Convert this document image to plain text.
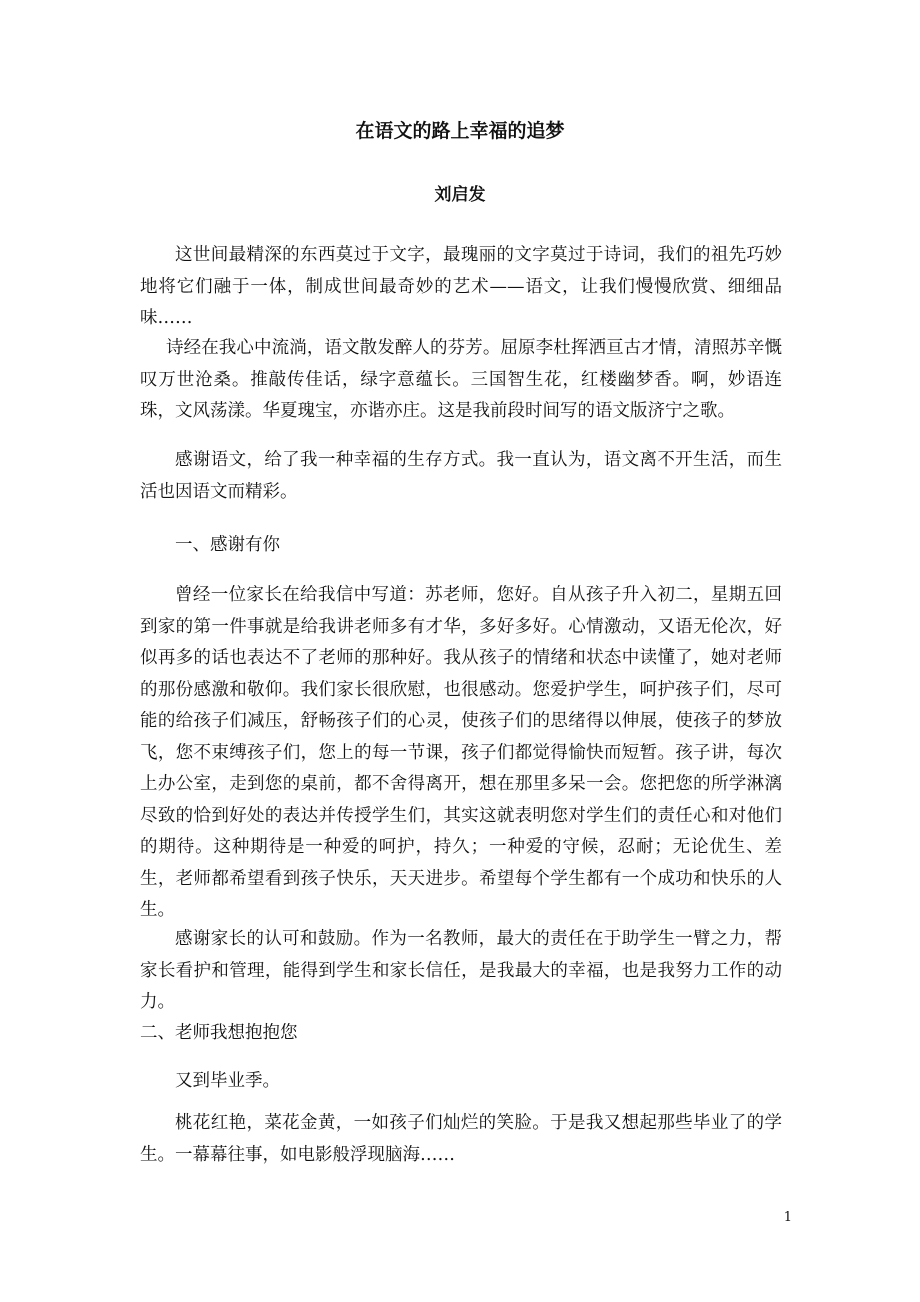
在语文的路上幸福的追梦
刘启发

这世间最精深的东西莫过于文字，最瑰丽的文字莫过于诗词，我们的祖先巧妙地将它们融于一体，制成世间最奇妙的艺术——语文，让我们慢慢欣赏、细细品味……

诗经在我心中流淌，语文散发醉人的芬芳。屈原李杜挥洒亘古才情，清照苏辛慨叹万世沧桑。推敲传佳话，绿字意蕴长。三国智生花，红楼幽梦香。啊，妙语连珠，文风荡漾。华夏瑰宝，亦谐亦庄。这是我前段时间写的语文版济宁之歌。

感谢语文，给了我一种幸福的生存方式。我一直认为，语文离不开生活，而生活也因语文而精彩。

一、感谢有你

曾经一位家长在给我信中写道：苏老师，您好。自从孩子升入初二，星期五回到家的第一件事就是给我讲老师多有才华，多好多好。心情激动，又语无伦次，好似再多的话也表达不了老师的那种好。我从孩子的情绪和状态中读懂了，她对老师的那份感激和敬仰。我们家长很欣慰，也很感动。您爱护学生，呵护孩子们，尽可能的给孩子们减压，舒畅孩子们的心灵，使孩子们的思绪得以伸展，使孩子的梦放飞，您不束缚孩子们，您上的每一节课，孩子们都觉得愉快而短暂。孩子讲，每次上办公室，走到您的桌前，都不舍得离开，想在那里多呆一会。您把您的所学淋漓尽致的恰到好处的表达并传授学生们，其实这就表明您对学生们的责任心和对他们的期待。这种期待是一种爱的呵护，持久；一种爱的守候，忍耐；无论优生、差生，老师都希望看到孩子快乐，天天进步。希望每个学生都有一个成功和快乐的人生。

感谢家长的认可和鼓励。作为一名教师，最大的责任在于助学生一臂之力，帮家长看护和管理，能得到学生和家长信任，是我最大的幸福，也是我努力工作的动力。

二、老师我想抱抱您

又到毕业季。

桃花红艳，菜花金黄，一如孩子们灿烂的笑脸。于是我又想起那些毕业了的学生。一幕幕往事，如电影般浮现脑海……

1
